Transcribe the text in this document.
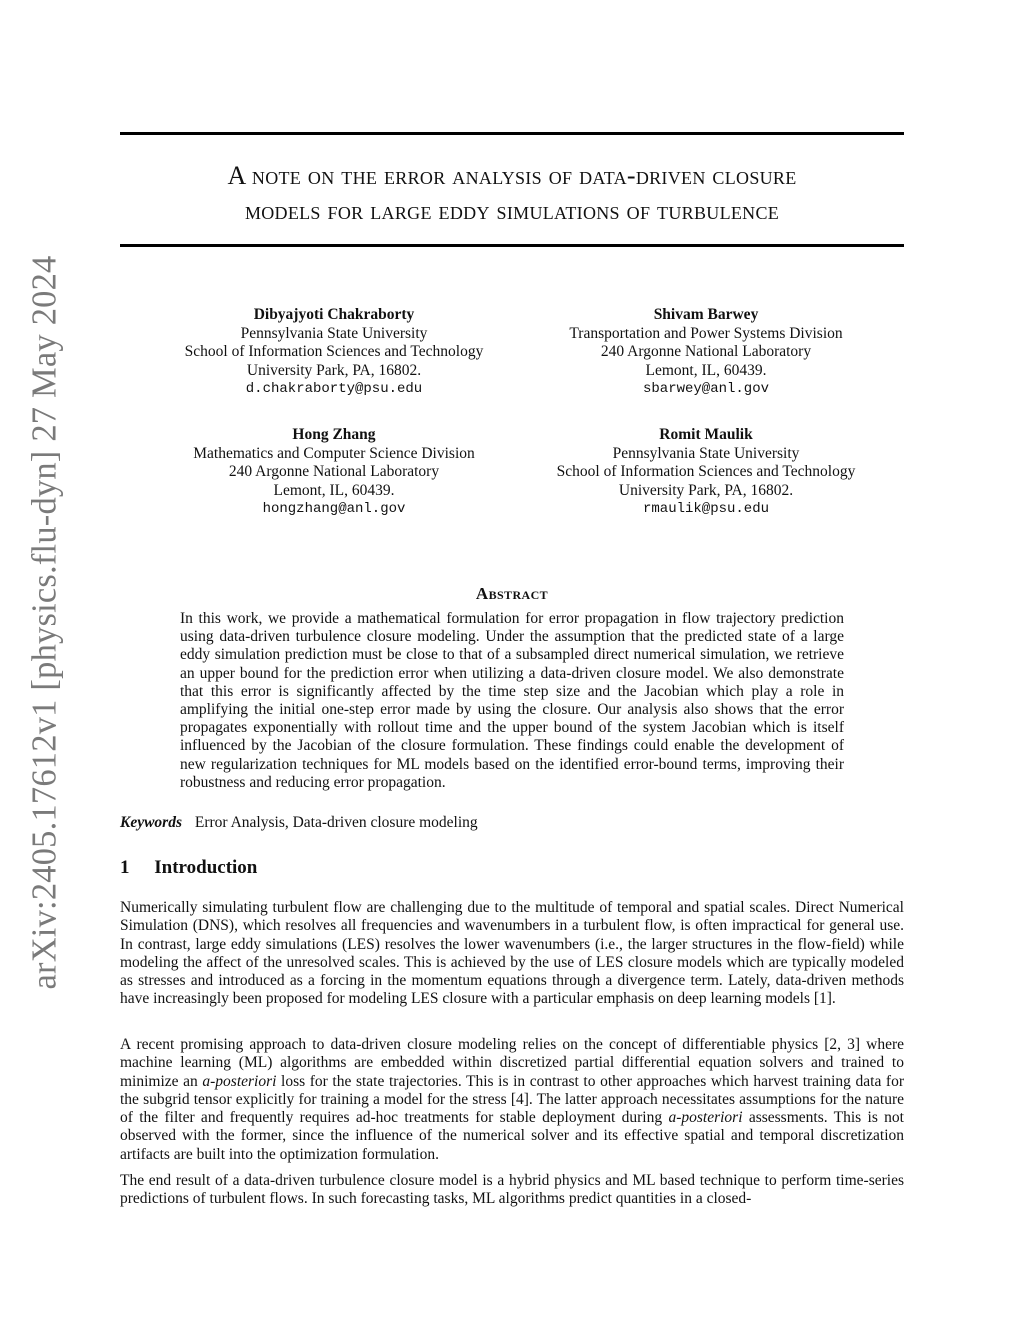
arXiv:2405.17612v1 [physics.flu-dyn] 27 May 2024
A note on the error analysis of data-driven closure
models for large eddy simulations of turbulence
Dibyajyoti Chakraborty
Pennsylvania State University
School of Information Sciences and Technology
University Park, PA, 16802.
d.chakraborty@psu.edu
Shivam Barwey
Transportation and Power Systems Division
240 Argonne National Laboratory
Lemont, IL, 60439.
sbarwey@anl.gov
Hong Zhang
Mathematics and Computer Science Division
240 Argonne National Laboratory
Lemont, IL, 60439.
hongzhang@anl.gov
Romit Maulik
Pennsylvania State University
School of Information Sciences and Technology
University Park, PA, 16802.
rmaulik@psu.edu
Abstract

In this work, we provide a mathematical formulation for error propagation in flow trajectory prediction using data-driven turbulence closure modeling. Under the assumption that the predicted state of a large eddy simulation prediction must be close to that of a subsampled direct numerical simulation, we retrieve an upper bound for the prediction error when utilizing a data-driven closure model. We also demonstrate that this error is significantly affected by the time step size and the Jacobian which play a role in amplifying the initial one-step error made by using the closure. Our analysis also shows that the error propagates exponentially with rollout time and the upper bound of the system Jacobian which is itself influenced by the Jacobian of the closure formulation. These findings could enable the development of new regularization techniques for ML models based on the identified error-bound terms, improving their robustness and reducing error propagation.

Keywords Error Analysis, Data-driven closure modeling
1 Introduction

Numerically simulating turbulent flow are challenging due to the multitude of temporal and spatial scales. Direct Numerical Simulation (DNS), which resolves all frequencies and wavenumbers in a turbulent flow, is often impractical for general use. In contrast, large eddy simulations (LES) resolves the lower wavenumbers (i.e., the larger structures in the flow-field) while modeling the affect of the unresolved scales. This is achieved by the use of LES closure models which are typically modeled as stresses and introduced as a forcing in the momentum equations through a divergence term. Lately, data-driven methods have increasingly been proposed for modeling LES closure with a particular emphasis on deep learning models [1].

A recent promising approach to data-driven closure modeling relies on the concept of differentiable physics [2, 3] where machine learning (ML) algorithms are embedded within discretized partial differential equation solvers and trained to minimize an a-posteriori loss for the state trajectories. This is in contrast to other approaches which harvest training data for the subgrid tensor explicitly for training a model for the stress [4]. The latter approach necessitates assumptions for the nature of the filter and frequently requires ad-hoc treatments for stable deployment during a-posteriori assessments. This is not observed with the former, since the influence of the numerical solver and its effective spatial and temporal discretization artifacts are built into the optimization formulation.

The end result of a data-driven turbulence closure model is a hybrid physics and ML based technique to perform time-series predictions of turbulent flows. In such forecasting tasks, ML algorithms predict quantities in a closed-
